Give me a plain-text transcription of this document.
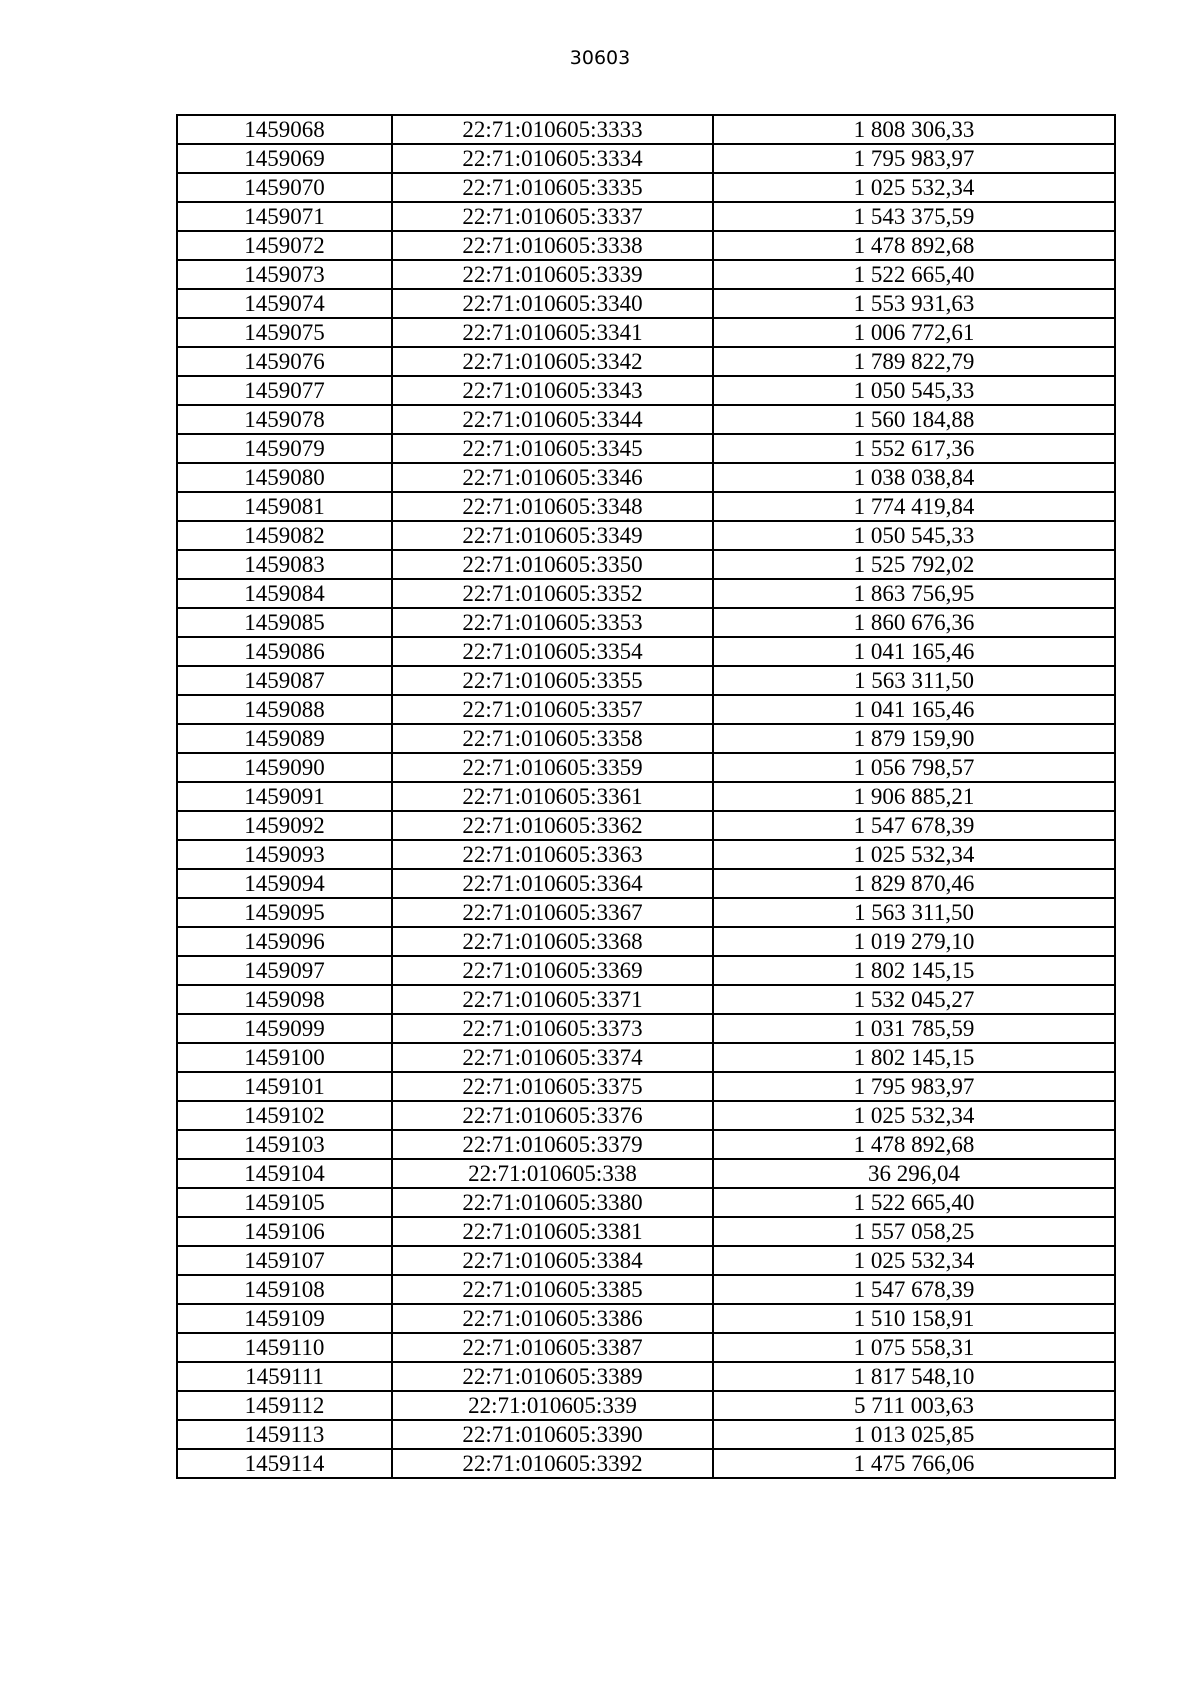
30603
1459068	22:71:010605:3333	1 808 306,33
1459069	22:71:010605:3334	1 795 983,97
1459070	22:71:010605:3335	1 025 532,34
1459071	22:71:010605:3337	1 543 375,59
1459072	22:71:010605:3338	1 478 892,68
1459073	22:71:010605:3339	1 522 665,40
1459074	22:71:010605:3340	1 553 931,63
1459075	22:71:010605:3341	1 006 772,61
1459076	22:71:010605:3342	1 789 822,79
1459077	22:71:010605:3343	1 050 545,33
1459078	22:71:010605:3344	1 560 184,88
1459079	22:71:010605:3345	1 552 617,36
1459080	22:71:010605:3346	1 038 038,84
1459081	22:71:010605:3348	1 774 419,84
1459082	22:71:010605:3349	1 050 545,33
1459083	22:71:010605:3350	1 525 792,02
1459084	22:71:010605:3352	1 863 756,95
1459085	22:71:010605:3353	1 860 676,36
1459086	22:71:010605:3354	1 041 165,46
1459087	22:71:010605:3355	1 563 311,50
1459088	22:71:010605:3357	1 041 165,46
1459089	22:71:010605:3358	1 879 159,90
1459090	22:71:010605:3359	1 056 798,57
1459091	22:71:010605:3361	1 906 885,21
1459092	22:71:010605:3362	1 547 678,39
1459093	22:71:010605:3363	1 025 532,34
1459094	22:71:010605:3364	1 829 870,46
1459095	22:71:010605:3367	1 563 311,50
1459096	22:71:010605:3368	1 019 279,10
1459097	22:71:010605:3369	1 802 145,15
1459098	22:71:010605:3371	1 532 045,27
1459099	22:71:010605:3373	1 031 785,59
1459100	22:71:010605:3374	1 802 145,15
1459101	22:71:010605:3375	1 795 983,97
1459102	22:71:010605:3376	1 025 532,34
1459103	22:71:010605:3379	1 478 892,68
1459104	22:71:010605:338	36 296,04
1459105	22:71:010605:3380	1 522 665,40
1459106	22:71:010605:3381	1 557 058,25
1459107	22:71:010605:3384	1 025 532,34
1459108	22:71:010605:3385	1 547 678,39
1459109	22:71:010605:3386	1 510 158,91
1459110	22:71:010605:3387	1 075 558,31
1459111	22:71:010605:3389	1 817 548,10
1459112	22:71:010605:339	5 711 003,63
1459113	22:71:010605:3390	1 013 025,85
1459114	22:71:010605:3392	1 475 766,06
